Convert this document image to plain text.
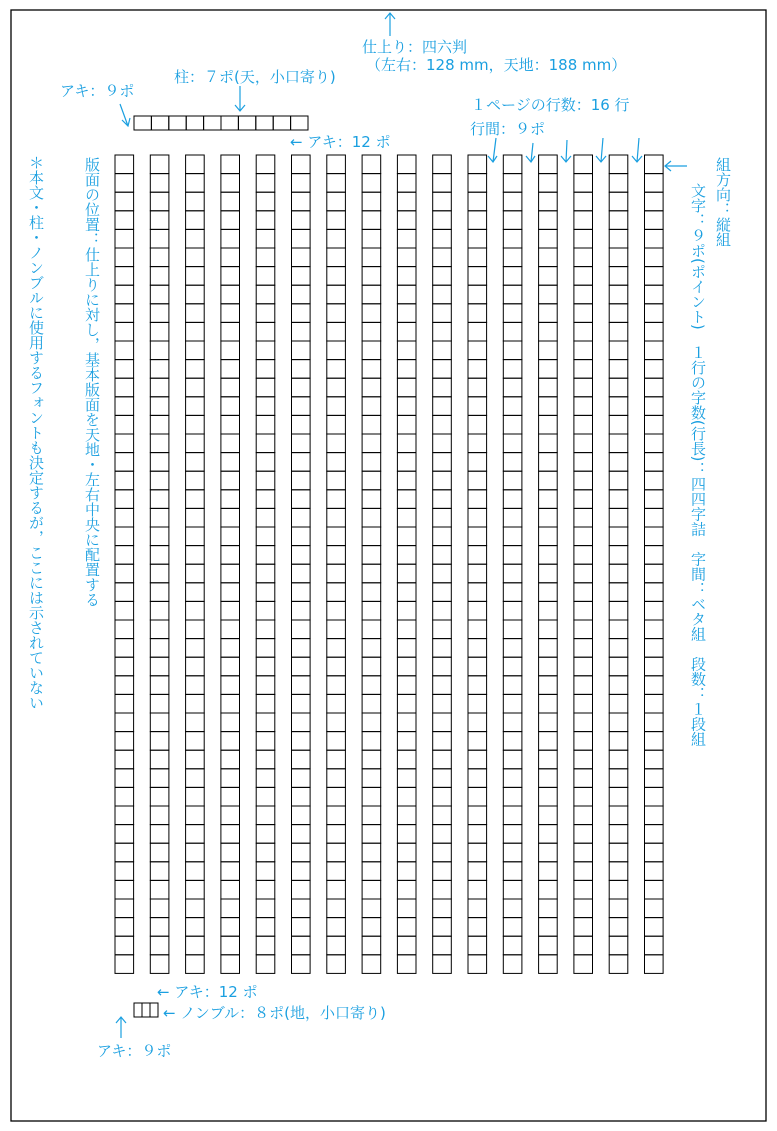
仕上り：四六判
（左右：128 mm，天地：188 mm）
柱：７ポ(天，小口寄り)
アキ：９ポ
← アキ：12 ポ
１ページの行数：16 行
行間：９ポ
組方向：縦組
文字：９ポ(ポイント)　１行の字数(行長)：四四字詰　字間：ベタ組　段数：１段組
版面の位置：仕上りに対し，基本版面を天地・左右中央に配置する
＊本文・柱・ノンブルに使用するフォントも決定するが，ここには示されていない
← アキ：12 ポ
← ノンブル：８ポ(地，小口寄り)
アキ：９ポ
